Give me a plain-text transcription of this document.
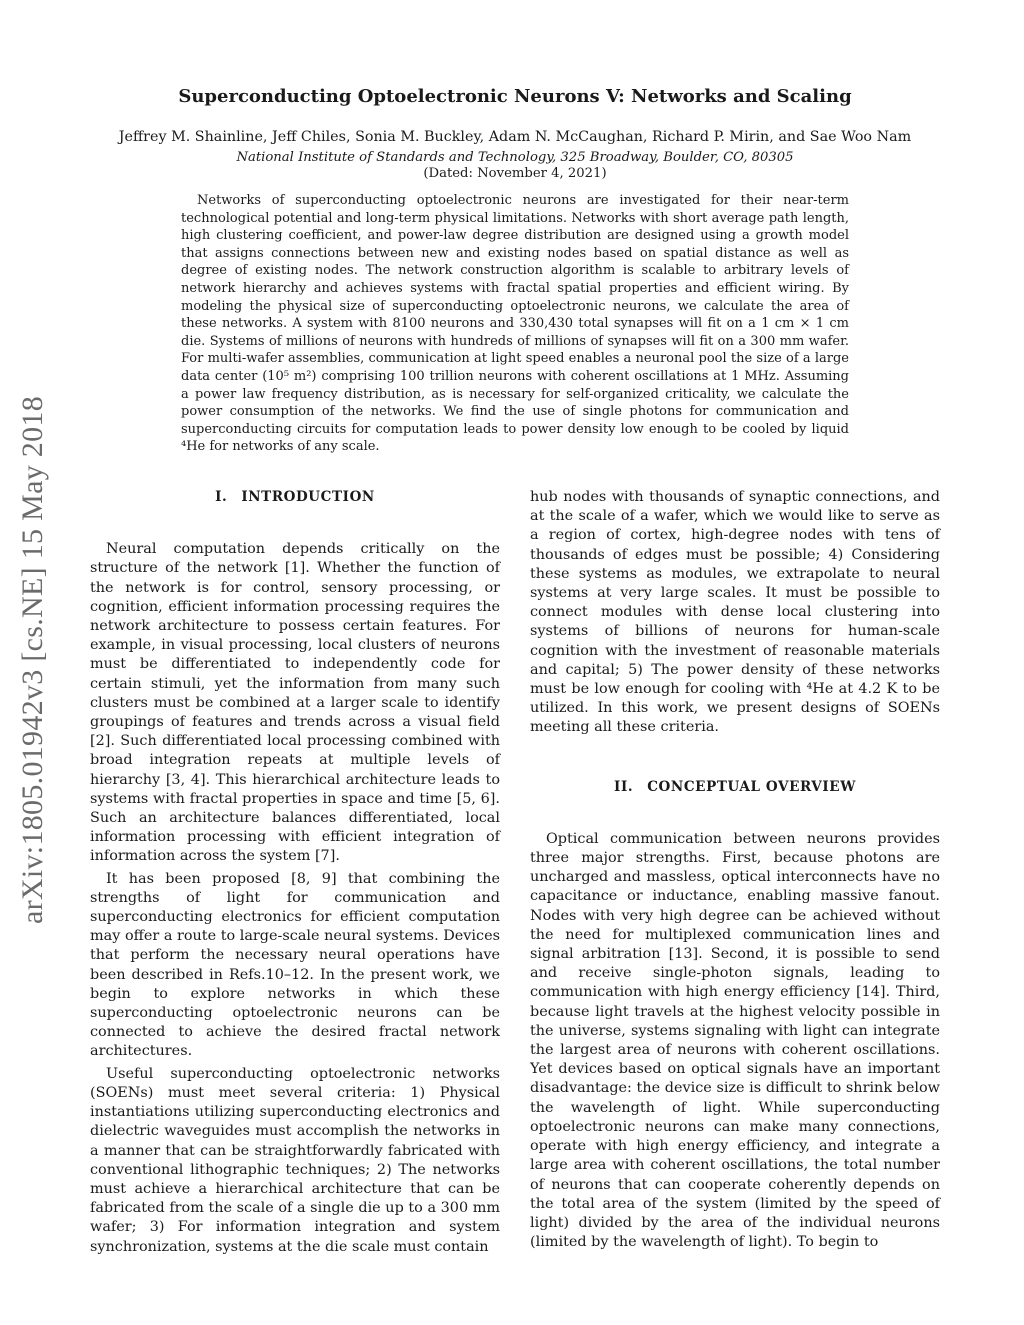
arXiv:1805.01942v3 [cs.NE] 15 May 2018
Superconducting Optoelectronic Neurons V: Networks and Scaling
Jeffrey M. Shainline, Jeff Chiles, Sonia M. Buckley, Adam N. McCaughan, Richard P. Mirin, and Sae Woo Nam
National Institute of Standards and Technology, 325 Broadway, Boulder, CO, 80305
(Dated: November 4, 2021)
Networks of superconducting optoelectronic neurons are investigated for their near-term technological potential and long-term physical limitations. Networks with short average path length, high clustering coefficient, and power-law degree distribution are designed using a growth model that assigns connections between new and existing nodes based on spatial distance as well as degree of existing nodes. The network construction algorithm is scalable to arbitrary levels of network hierarchy and achieves systems with fractal spatial properties and efficient wiring. By modeling the physical size of superconducting optoelectronic neurons, we calculate the area of these networks. A system with 8100 neurons and 330,430 total synapses will fit on a 1 cm × 1 cm die. Systems of millions of neurons with hundreds of millions of synapses will fit on a 300 mm wafer. For multi-wafer assemblies, communication at light speed enables a neuronal pool the size of a large data center (10⁵ m²) comprising 100 trillion neurons with coherent oscillations at 1 MHz. Assuming a power law frequency distribution, as is necessary for self-organized criticality, we calculate the power consumption of the networks. We find the use of single photons for communication and superconducting circuits for computation leads to power density low enough to be cooled by liquid ⁴He for networks of any scale.
I. INTRODUCTION

Neural computation depends critically on the structure of the network [1]. Whether the function of the network is for control, sensory processing, or cognition, efficient information processing requires the network architecture to possess certain features. For example, in visual processing, local clusters of neurons must be differentiated to independently code for certain stimuli, yet the information from many such clusters must be combined at a larger scale to identify groupings of features and trends across a visual field [2]. Such differentiated local processing combined with broad integration repeats at multiple levels of hierarchy [3, 4]. This hierarchical architecture leads to systems with fractal properties in space and time [5, 6]. Such an architecture balances differentiated, local information processing with efficient integration of information across the system [7].

It has been proposed [8, 9] that combining the strengths of light for communication and superconducting electronics for efficient computation may offer a route to large-scale neural systems. Devices that perform the necessary neural operations have been described in Refs.10–12. In the present work, we begin to explore networks in which these superconducting optoelectronic neurons can be connected to achieve the desired fractal network architectures.

Useful superconducting optoelectronic networks (SOENs) must meet several criteria: 1) Physical instantiations utilizing superconducting electronics and dielectric waveguides must accomplish the networks in a manner that can be straightforwardly fabricated with conventional lithographic techniques; 2) The networks must achieve a hierarchical architecture that can be fabricated from the scale of a single die up to a 300 mm wafer; 3) For information integration and system synchronization, systems at the die scale must contain

hub nodes with thousands of synaptic connections, and at the scale of a wafer, which we would like to serve as a region of cortex, high-degree nodes with tens of thousands of edges must be possible; 4) Considering these systems as modules, we extrapolate to neural systems at very large scales. It must be possible to connect modules with dense local clustering into systems of billions of neurons for human-scale cognition with the investment of reasonable materials and capital; 5) The power density of these networks must be low enough for cooling with ⁴He at 4.2 K to be utilized. In this work, we present designs of SOENs meeting all these criteria.

II. CONCEPTUAL OVERVIEW

Optical communication between neurons provides three major strengths. First, because photons are uncharged and massless, optical interconnects have no capacitance or inductance, enabling massive fanout. Nodes with very high degree can be achieved without the need for multiplexed communication lines and signal arbitration [13]. Second, it is possible to send and receive single-photon signals, leading to communication with high energy efficiency [14]. Third, because light travels at the highest velocity possible in the universe, systems signaling with light can integrate the largest area of neurons with coherent oscillations. Yet devices based on optical signals have an important disadvantage: the device size is difficult to shrink below the wavelength of light. While superconducting optoelectronic neurons can make many connections, operate with high energy efficiency, and integrate a large area with coherent oscillations, the total number of neurons that can cooperate coherently depends on the total area of the system (limited by the speed of light) divided by the area of the individual neurons (limited by the wavelength of light). To begin to
